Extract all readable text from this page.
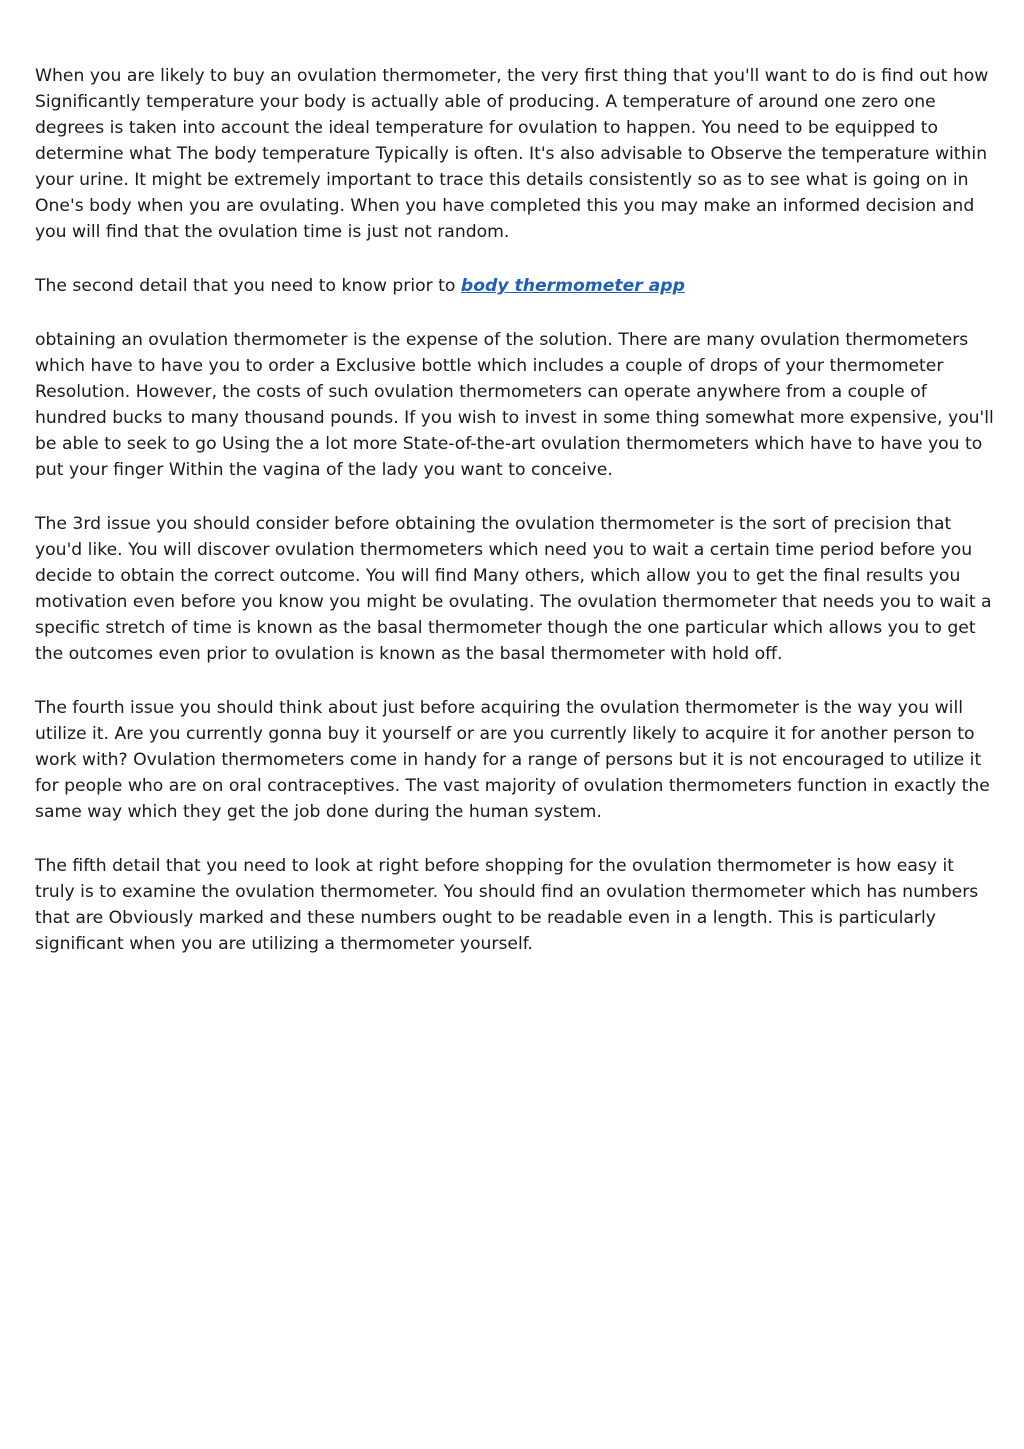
When you are likely to buy an ovulation thermometer, the very first thing that you'll want to do is find out how Significantly temperature your body is actually able of producing. A temperature of around one zero one degrees is taken into account the ideal temperature for ovulation to happen. You need to be equipped to determine what The body temperature Typically is often. It's also advisable to Observe the temperature within your urine. It might be extremely important to trace this details consistently so as to see what is going on in One's body when you are ovulating. When you have completed this you may make an informed decision and you will find that the ovulation time is just not random.

The second detail that you need to know prior to body thermometer app

obtaining an ovulation thermometer is the expense of the solution. There are many ovulation thermometers which have to have you to order a Exclusive bottle which includes a couple of drops of your thermometer Resolution. However, the costs of such ovulation thermometers can operate anywhere from a couple of hundred bucks to many thousand pounds. If you wish to invest in some thing somewhat more expensive, you'll be able to seek to go Using the a lot more State-of-the-art ovulation thermometers which have to have you to put your finger Within the vagina of the lady you want to conceive.

The 3rd issue you should consider before obtaining the ovulation thermometer is the sort of precision that you'd like. You will discover ovulation thermometers which need you to wait a certain time period before you decide to obtain the correct outcome. You will find Many others, which allow you to get the final results you motivation even before you know you might be ovulating. The ovulation thermometer that needs you to wait a specific stretch of time is known as the basal thermometer though the one particular which allows you to get the outcomes even prior to ovulation is known as the basal thermometer with hold off.

The fourth issue you should think about just before acquiring the ovulation thermometer is the way you will utilize it. Are you currently gonna buy it yourself or are you currently likely to acquire it for another person to work with? Ovulation thermometers come in handy for a range of persons but it is not encouraged to utilize it for people who are on oral contraceptives. The vast majority of ovulation thermometers function in exactly the same way which they get the job done during the human system.

The fifth detail that you need to look at right before shopping for the ovulation thermometer is how easy it truly is to examine the ovulation thermometer. You should find an ovulation thermometer which has numbers that are Obviously marked and these numbers ought to be readable even in a length. This is particularly significant when you are utilizing a thermometer yourself.
